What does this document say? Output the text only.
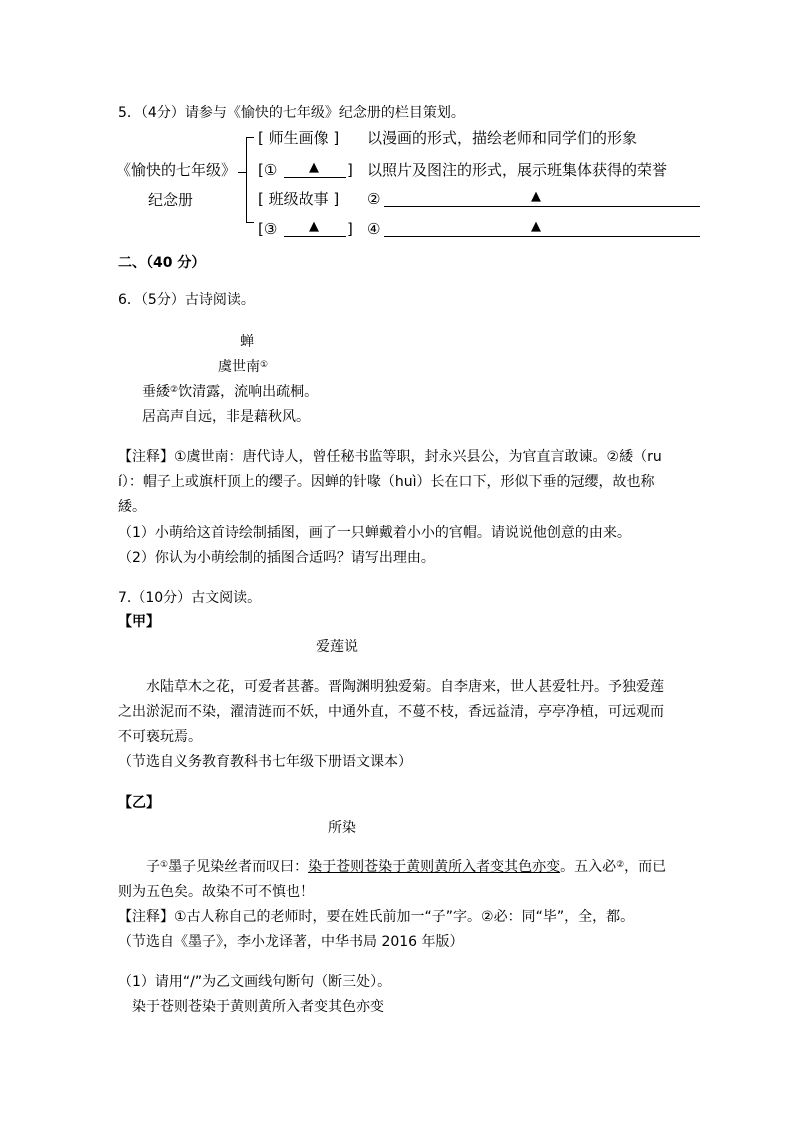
5．（4分）请参与《愉快的七年级》纪念册的栏目策划。
《愉快的七年级》
纪念册
[ 师生画像 ] 以漫画的形式，描绘老师和同学们的形象
[① ▲ ] 以照片及图注的形式，展示班集体获得的荣誉
[ 班级故事 ] ②	▲
[③ ▲ ] ④	▲
二、（40 分）
6．（5分）古诗阅读。
蝉
虞世南①
垂緌②饮清露，流响出疏桐。
居高声自远，非是藉秋风。
【注释】①虞世南：唐代诗人，曾任秘书监等职，封永兴县公，为官直言敢谏。②緌（ru
í）：帽子上或旗杆顶上的缨子。因蝉的针喙（huì）长在口下，形似下垂的冠缨，故也称
緌。
（1）小萌给这首诗绘制插图，画了一只蝉戴着小小的官帽。请说说他创意的由来。
（2）你认为小萌绘制的插图合适吗？请写出理由。
7.（10分）古文阅读。
【甲】
爱莲说
水陆草木之花，可爱者甚蕃。晋陶渊明独爱菊。自李唐来，世人甚爱牡丹。予独爱莲
之出淤泥而不染，濯清涟而不妖，中通外直，不蔓不枝，香远益清，亭亭净植，可远观而
不可亵玩焉。
（节选自义务教育教科书七年级下册语文课本）
【乙】
所染
子①墨子见染丝者而叹曰：染于苍则苍染于黄则黄所入者变其色亦变。五入必②，而已
则为五色矣。故染不可不慎也！
【注释】①古人称自己的老师时，要在姓氏前加一“子”字。②必：同“毕”，全，都。
（节选自《墨子》，李小龙译著，中华书局 2016 年版）
（1）请用“/”为乙文画线句断句（断三处）。
染于苍则苍染于黄则黄所入者变其色亦变
